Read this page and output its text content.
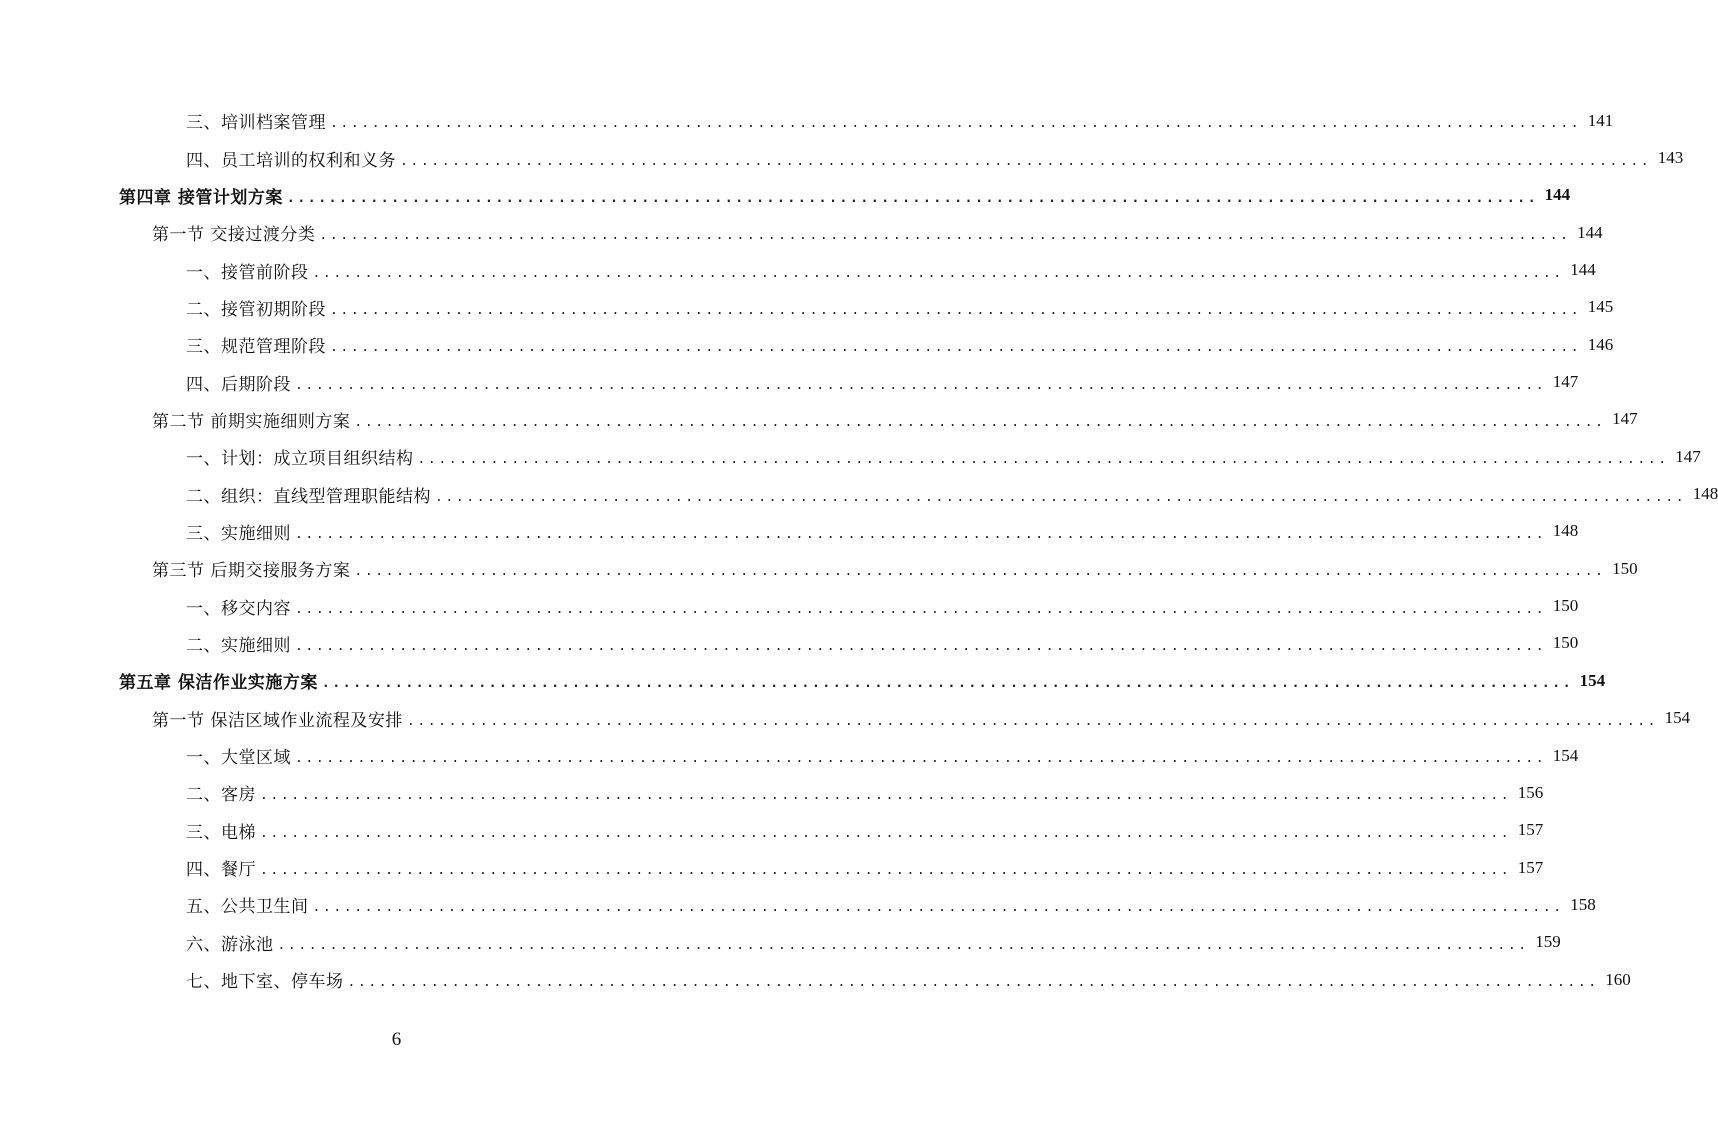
三、培训档案管理 ........................................................................................................................ 141
四、员工培训的权利和义务 ........................................................................................................................ 143
第四章 接管计划方案 ........................................................................................................................ 144
第一节 交接过渡分类 ........................................................................................................................ 144
一、接管前阶段 ........................................................................................................................ 144
二、接管初期阶段 ........................................................................................................................ 145
三、规范管理阶段 ........................................................................................................................ 146
四、后期阶段 ........................................................................................................................ 147
第二节 前期实施细则方案 ........................................................................................................................ 147
一、计划：成立项目组织结构 ........................................................................................................................ 147
二、组织：直线型管理职能结构 ........................................................................................................................ 148
三、实施细则 ........................................................................................................................ 148
第三节 后期交接服务方案 ........................................................................................................................ 150
一、移交内容 ........................................................................................................................ 150
二、实施细则 ........................................................................................................................ 150
第五章 保洁作业实施方案 ........................................................................................................................ 154
第一节 保洁区域作业流程及安排 ........................................................................................................................ 154
一、大堂区域 ........................................................................................................................ 154
二、客房 ........................................................................................................................ 156
三、电梯 ........................................................................................................................ 157
四、餐厅 ........................................................................................................................ 157
五、公共卫生间 ........................................................................................................................ 158
六、游泳池 ........................................................................................................................ 159
七、地下室、停车场 ........................................................................................................................ 160
6
